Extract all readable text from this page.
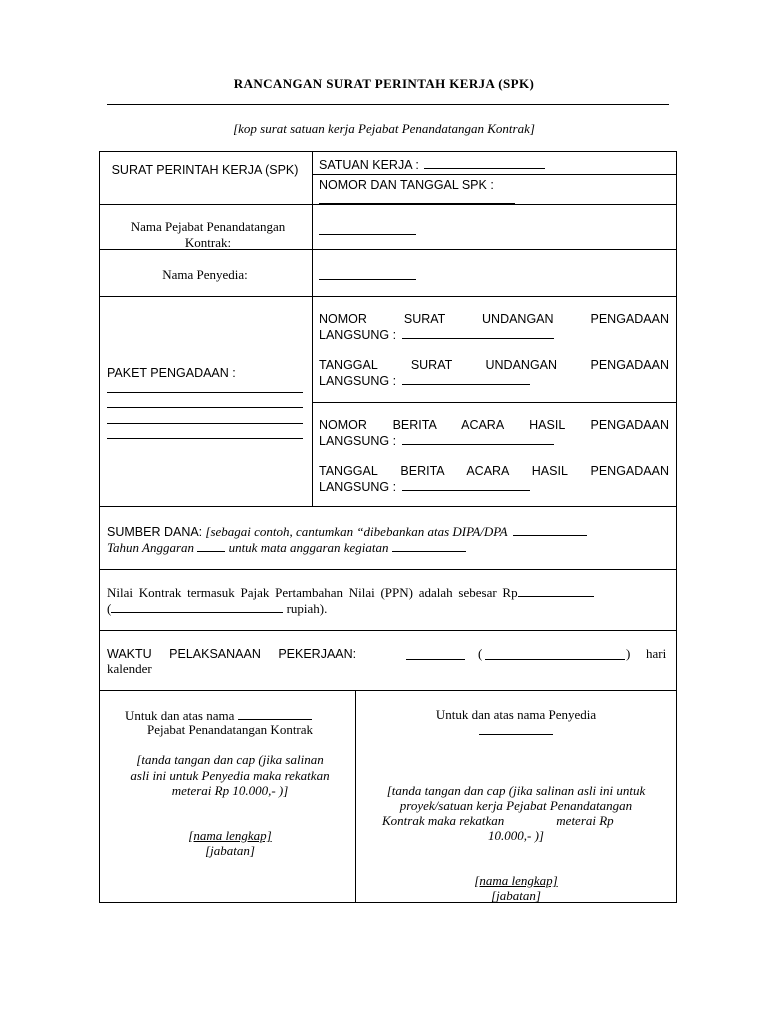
RANCANGAN SURAT PERINTAH KERJA (SPK)
[kop surat satuan kerja Pejabat Penandatangan Kontrak]
SURAT PERINTAH KERJA (SPK) SATUAN KERJA :
NOMOR DAN TANGGAL SPK :
Nama Pejabat Penandatangan Kontrak:
Nama Penyedia:
PAKET PENGADAAN :
NOMOR SURAT UNDANGAN PENGADAAN
LANGSUNG :
TANGGAL SURAT UNDANGAN PENGADAAN
LANGSUNG :
NOMOR BERITA ACARA HASIL PENGADAAN
LANGSUNG :
TANGGAL BERITA ACARA HASIL PENGADAAN
LANGSUNG :
SUMBER DANA: [sebagai contoh, cantumkan “dibebankan atas DIPA/DPA
Tahun Anggaran	untuk mata anggaran kegiatan
Nilai Kontrak termasuk Pajak Pertambahan Nilai (PPN) adalah sebesar Rp
(	rupiah).
WAKTU PELAKSANAAN PEKERJAAN:	(	) hari
kalender
Untuk dan atas nama
Pejabat Penandatangan Kontrak
[tanda tangan dan cap (jika salinan
asli ini untuk Penyedia maka rekatkan
meterai Rp 10.000,- )]
[nama lengkap]
[jabatan]
Untuk dan atas nama Penyedia
[tanda tangan dan cap (jika salinan asli ini untuk
proyek/satuan kerja Pejabat Penandatangan
Kontrak maka rekatkan	meterai Rp
10.000,- )]
[nama lengkap]
[jabatan]
